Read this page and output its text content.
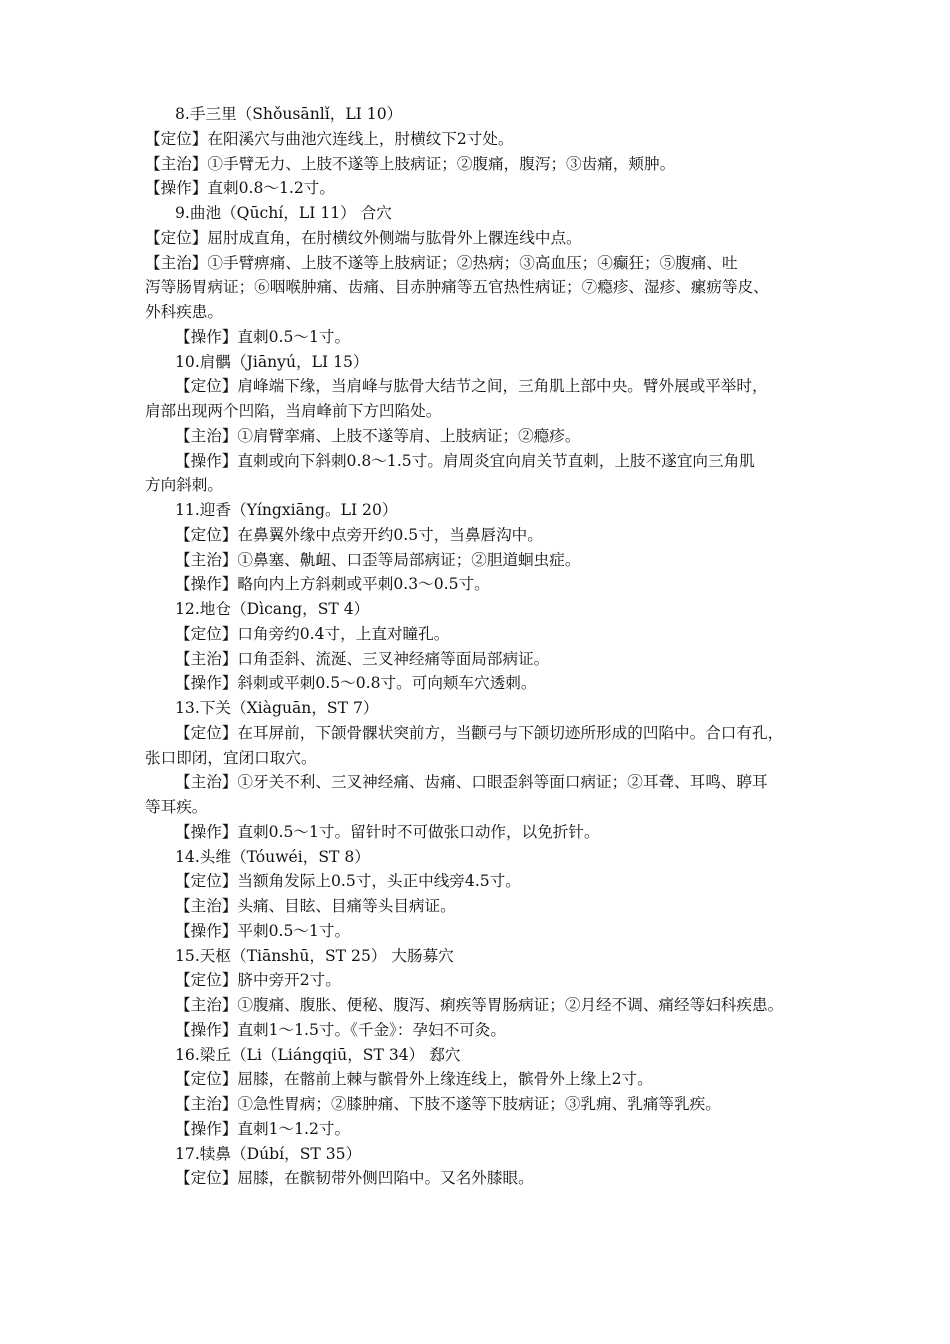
8.手三里（Shǒusānlǐ，LI 10）
【定位】在阳溪穴与曲池穴连线上，肘横纹下2寸处。
【主治】①手臂无力、上肢不遂等上肢病证；②腹痛，腹泻；③齿痛，颊肿。
【操作】直刺0.8～1.2寸。
9.曲池（Qūchí，LI 11） 合穴
【定位】屈肘成直角，在肘横纹外侧端与肱骨外上髁连线中点。
【主治】①手臂痹痛、上肢不遂等上肢病证；②热病；③高血压；④癫狂；⑤腹痛、吐
泻等肠胃病证；⑥咽喉肿痛、齿痛、目赤肿痛等五官热性病证；⑦瘾疹、湿疹、瘰疬等皮、
外科疾患。
【操作】直刺0.5～1寸。
10.肩髃（Jiānyú，LI 15）
【定位】肩峰端下缘，当肩峰与肱骨大结节之间，三角肌上部中央。臂外展或平举时，
肩部出现两个凹陷，当肩峰前下方凹陷处。
【主治】①肩臂挛痛、上肢不遂等肩、上肢病证；②瘾疹。
【操作】直刺或向下斜刺0.8～1.5寸。肩周炎宜向肩关节直刺，上肢不遂宜向三角肌
方向斜刺。
11.迎香（Yíngxiāng。LI 20）
【定位】在鼻翼外缘中点旁开约0.5寸，当鼻唇沟中。
【主治】①鼻塞、鼽衄、口歪等局部病证；②胆道蛔虫症。
【操作】略向内上方斜刺或平刺0.3～0.5寸。
12.地仓（Dìcang，ST 4）
【定位】口角旁约0.4寸，上直对瞳孔。
【主治】口角歪斜、流涎、三叉神经痛等面局部病证。
【操作】斜刺或平刺0.5～0.8寸。可向颊车穴透刺。
13.下关（Xiàguān，ST 7）
【定位】在耳屏前，下颌骨髁状突前方，当颧弓与下颌切迹所形成的凹陷中。合口有孔，
张口即闭，宜闭口取穴。
【主治】①牙关不利、三叉神经痛、齿痛、口眼歪斜等面口病证；②耳聋、耳鸣、聤耳
等耳疾。
【操作】直刺0.5～1寸。留针时不可做张口动作，以免折针。
14.头维（Tóuwéi，ST 8）
【定位】当额角发际上0.5寸，头正中线旁4.5寸。
【主治】头痛、目眩、目痛等头目病证。
【操作】平刺0.5～1寸。
15.天枢（Tiānshū，ST 25） 大肠募穴
【定位】脐中旁开2寸。
【主治】①腹痛、腹胀、便秘、腹泻、痢疾等胃肠病证；②月经不调、痛经等妇科疾患。
【操作】直刺1～1.5寸。《千金》：孕妇不可灸。
16.梁丘（Li（Liángqiū，ST 34） 郄穴
【定位】屈膝，在髂前上棘与髌骨外上缘连线上，髌骨外上缘上2寸。
【主治】①急性胃病；②膝肿痛、下肢不遂等下肢病证；③乳痈、乳痛等乳疾。
【操作】直刺1～1.2寸。
17.犊鼻（Dúbí，ST 35）
【定位】屈膝，在髌韧带外侧凹陷中。又名外膝眼。
